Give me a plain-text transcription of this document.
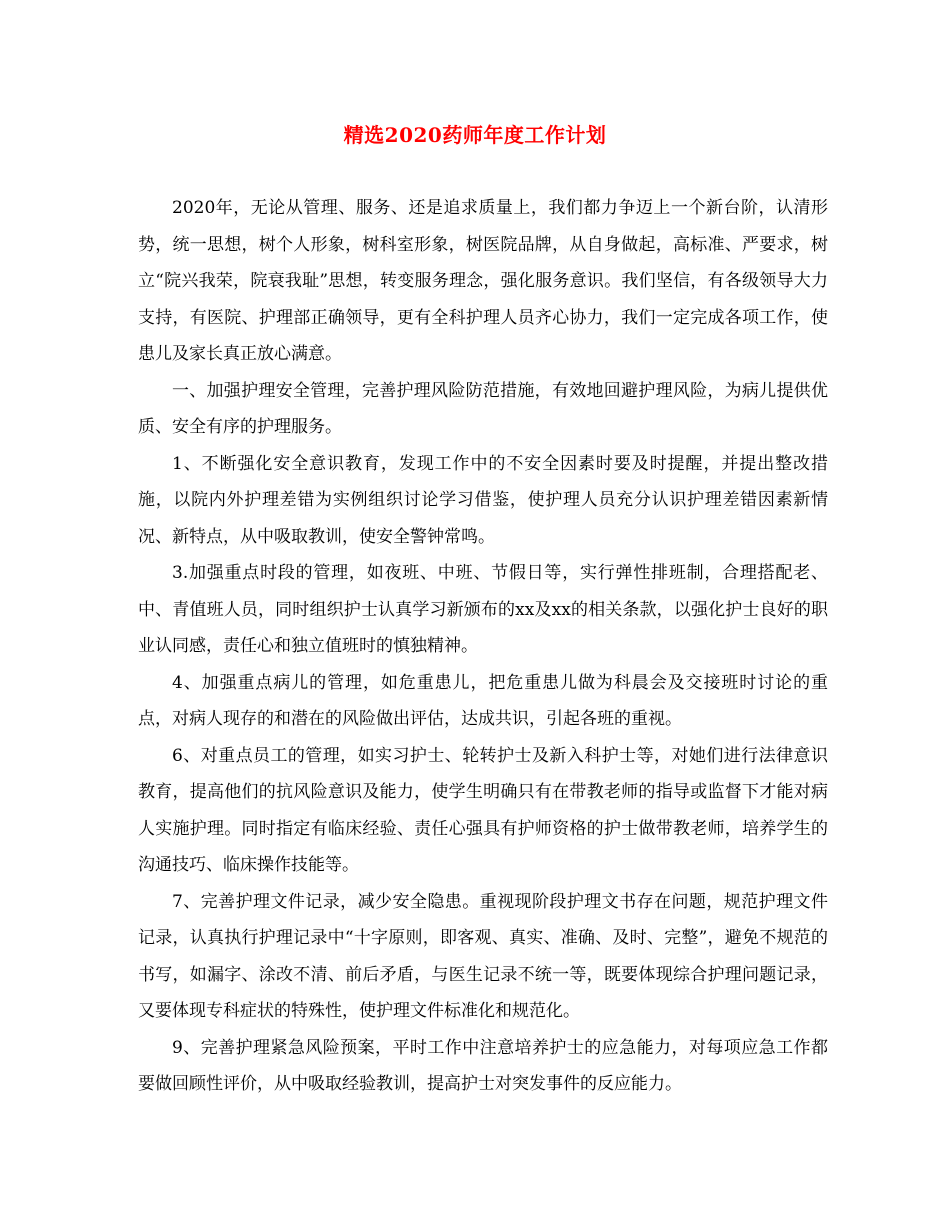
精选2020药师年度工作计划

2020年，无论从管理、服务、还是追求质量上，我们都力争迈上一个新台阶，认清形势，统一思想，树个人形象，树科室形象，树医院品牌，从自身做起，高标准、严要求，树立“院兴我荣，院衰我耻”思想，转变服务理念，强化服务意识。我们坚信，有各级领导大力支持，有医院、护理部正确领导，更有全科护理人员齐心协力，我们一定完成各项工作，使患儿及家长真正放心满意。

一、加强护理安全管理，完善护理风险防范措施，有效地回避护理风险，为病儿提供优质、安全有序的护理服务。

1、不断强化安全意识教育，发现工作中的不安全因素时要及时提醒，并提出整改措施，以院内外护理差错为实例组织讨论学习借鉴，使护理人员充分认识护理差错因素新情况、新特点，从中吸取教训，使安全警钟常鸣。

3.加强重点时段的管理，如夜班、中班、节假日等，实行弹性排班制，合理搭配老、中、青值班人员，同时组织护士认真学习新颁布的xx及xx的相关条款，以强化护士良好的职业认同感，责任心和独立值班时的慎独精神。

4、加强重点病儿的管理，如危重患儿，把危重患儿做为科晨会及交接班时讨论的重点，对病人现存的和潜在的风险做出评估，达成共识，引起各班的重视。

6、对重点员工的管理，如实习护士、轮转护士及新入科护士等，对她们进行法律意识教育，提高他们的抗风险意识及能力，使学生明确只有在带教老师的指导或监督下才能对病人实施护理。同时指定有临床经验、责任心强具有护师资格的护士做带教老师，培养学生的沟通技巧、临床操作技能等。

7、完善护理文件记录，减少安全隐患。重视现阶段护理文书存在问题，规范护理文件记录，认真执行护理记录中“十字原则，即客观、真实、准确、及时、完整”，避免不规范的书写，如漏字、涂改不清、前后矛盾，与医生记录不统一等，既要体现综合护理问题记录，又要体现专科症状的特殊性，使护理文件标准化和规范化。

9、完善护理紧急风险预案，平时工作中注意培养护士的应急能力，对每项应急工作都要做回顾性评价，从中吸取经验教训，提高护士对突发事件的反应能力。
